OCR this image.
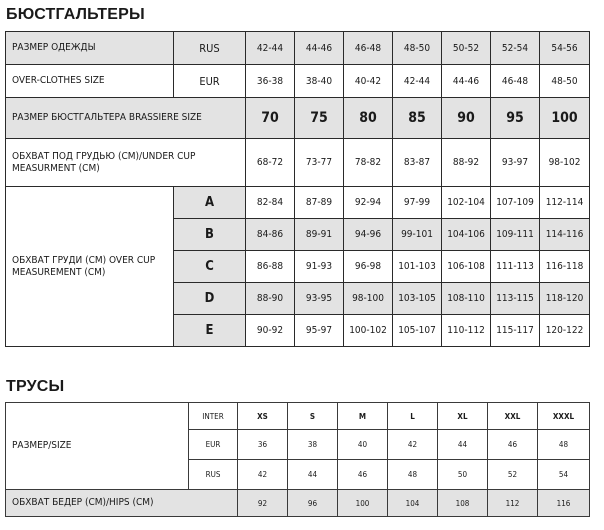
БЮСТГАЛЬТЕРЫ
РАЗМЕР ОДЕЖДЫ	RUS	42-44	44-46	46-48	48-50	50-52	52-54	54-56
OVER-CLOTHES SIZE	EUR	36-38	38-40	40-42	42-44	44-46	46-48	48-50
РАЗМЕР БЮСТГАЛЬТЕРА BRASSIERE SIZE		70	75	80	85	90	95	100
ОБХВАТ ПОД ГРУДЬЮ (CM)/UNDER CUP MEASURMENT (CM)		68-72	73-77	78-82	83-87	88-92	93-97	98-102
ОБХВАТ ГРУДИ (CM) OVER CUP MEASUREMENT (CM)	A	82-84	87-89	92-94	97-99	102-104	107-109	112-114
	B	84-86	89-91	94-96	99-101	104-106	109-111	114-116
	C	86-88	91-93	96-98	101-103	106-108	111-113	116-118
	D	88-90	93-95	98-100	103-105	108-110	113-115	118-120
	E	90-92	95-97	100-102	105-107	110-112	115-117	120-122
ТРУСЫ
РАЗМЕР/SIZE	INTER	XS	S	M	L	XL	XXL	XXXL
	EUR	36	38	40	42	44	46	48
	RUS	42	44	46	48	50	52	54
ОБХВАТ БЕДЕР (CM)/HIPS (CM)		92	96	100	104	108	112	116
